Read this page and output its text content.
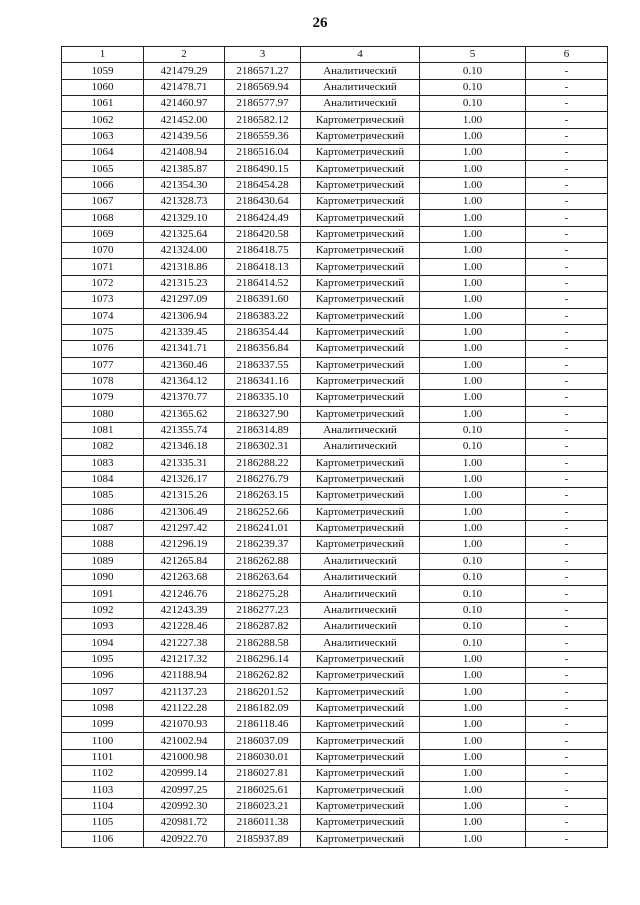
26
1	2	3	4	5	6
1059	421479.29	2186571.27	Аналитический	0.10	-
1060	421478.71	2186569.94	Аналитический	0.10	-
1061	421460.97	2186577.97	Аналитический	0.10	-
1062	421452.00	2186582.12	Картометрический	1.00	-
1063	421439.56	2186559.36	Картометрический	1.00	-
1064	421408.94	2186516.04	Картометрический	1.00	-
1065	421385.87	2186490.15	Картометрический	1.00	-
1066	421354.30	2186454.28	Картометрический	1.00	-
1067	421328.73	2186430.64	Картометрический	1.00	-
1068	421329.10	2186424.49	Картометрический	1.00	-
1069	421325.64	2186420.58	Картометрический	1.00	-
1070	421324.00	2186418.75	Картометрический	1.00	-
1071	421318.86	2186418.13	Картометрический	1.00	-
1072	421315.23	2186414.52	Картометрический	1.00	-
1073	421297.09	2186391.60	Картометрический	1.00	-
1074	421306.94	2186383.22	Картометрический	1.00	-
1075	421339.45	2186354.44	Картометрический	1.00	-
1076	421341.71	2186356.84	Картометрический	1.00	-
1077	421360.46	2186337.55	Картометрический	1.00	-
1078	421364.12	2186341.16	Картометрический	1.00	-
1079	421370.77	2186335.10	Картометрический	1.00	-
1080	421365.62	2186327.90	Картометрический	1.00	-
1081	421355.74	2186314.89	Аналитический	0.10	-
1082	421346.18	2186302.31	Аналитический	0.10	-
1083	421335.31	2186288.22	Картометрический	1.00	-
1084	421326.17	2186276.79	Картометрический	1.00	-
1085	421315.26	2186263.15	Картометрический	1.00	-
1086	421306.49	2186252.66	Картометрический	1.00	-
1087	421297.42	2186241.01	Картометрический	1.00	-
1088	421296.19	2186239.37	Картометрический	1.00	-
1089	421265.84	2186262.88	Аналитический	0.10	-
1090	421263.68	2186263.64	Аналитический	0.10	-
1091	421246.76	2186275.28	Аналитический	0.10	-
1092	421243.39	2186277.23	Аналитический	0.10	-
1093	421228.46	2186287.82	Аналитический	0.10	-
1094	421227.38	2186288.58	Аналитический	0.10	-
1095	421217.32	2186296.14	Картометрический	1.00	-
1096	421188.94	2186262.82	Картометрический	1.00	-
1097	421137.23	2186201.52	Картометрический	1.00	-
1098	421122.28	2186182.09	Картометрический	1.00	-
1099	421070.93	2186118.46	Картометрический	1.00	-
1100	421002.94	2186037.09	Картометрический	1.00	-
1101	421000.98	2186030.01	Картометрический	1.00	-
1102	420999.14	2186027.81	Картометрический	1.00	-
1103	420997.25	2186025.61	Картометрический	1.00	-
1104	420992.30	2186023.21	Картометрический	1.00	-
1105	420981.72	2186011.38	Картометрический	1.00	-
1106	420922.70	2185937.89	Картометрический	1.00	-
